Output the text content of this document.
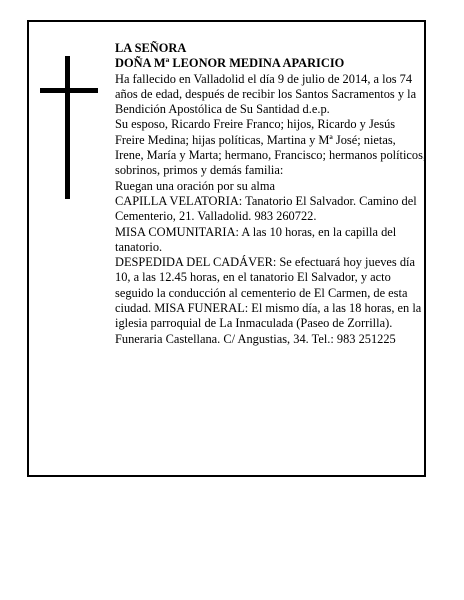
LA SEÑORA

DOÑA Mª LEONOR MEDINA APARICIO

Ha fallecido en Valladolid el día 9 de julio de 2014, a los 74 años de edad, después de recibir los Santos Sacramentos y la Bendición Apostólica de Su Santidad d.e.p.

Su esposo, Ricardo Freire Franco; hijos, Ricardo y Jesús Freire Medina; hijas políticas, Martina y Mª José; nietas, Irene, María y Marta; hermano, Francisco; hermanos políticos, sobrinos, primos y demás familia:

Ruegan una oración por su alma

CAPILLA VELATORIA: Tanatorio El Salvador. Camino del Cementerio, 21. Valladolid. 983 260722.

MISA COMUNITARIA: A las 10 horas, en la capilla del tanatorio.

DESPEDIDA DEL CADÁVER: Se efectuará hoy jueves día 10, a las 12.45 horas, en el tanatorio El Salvador, y acto seguido la conducción al cementerio de El Carmen, de esta ciudad. MISA FUNERAL: El mismo día, a las 18 horas, en la iglesia parroquial de La Inmaculada (Paseo de Zorrilla).

Funeraria Castellana. C/ Angustias, 34. Tel.: 983 251225
